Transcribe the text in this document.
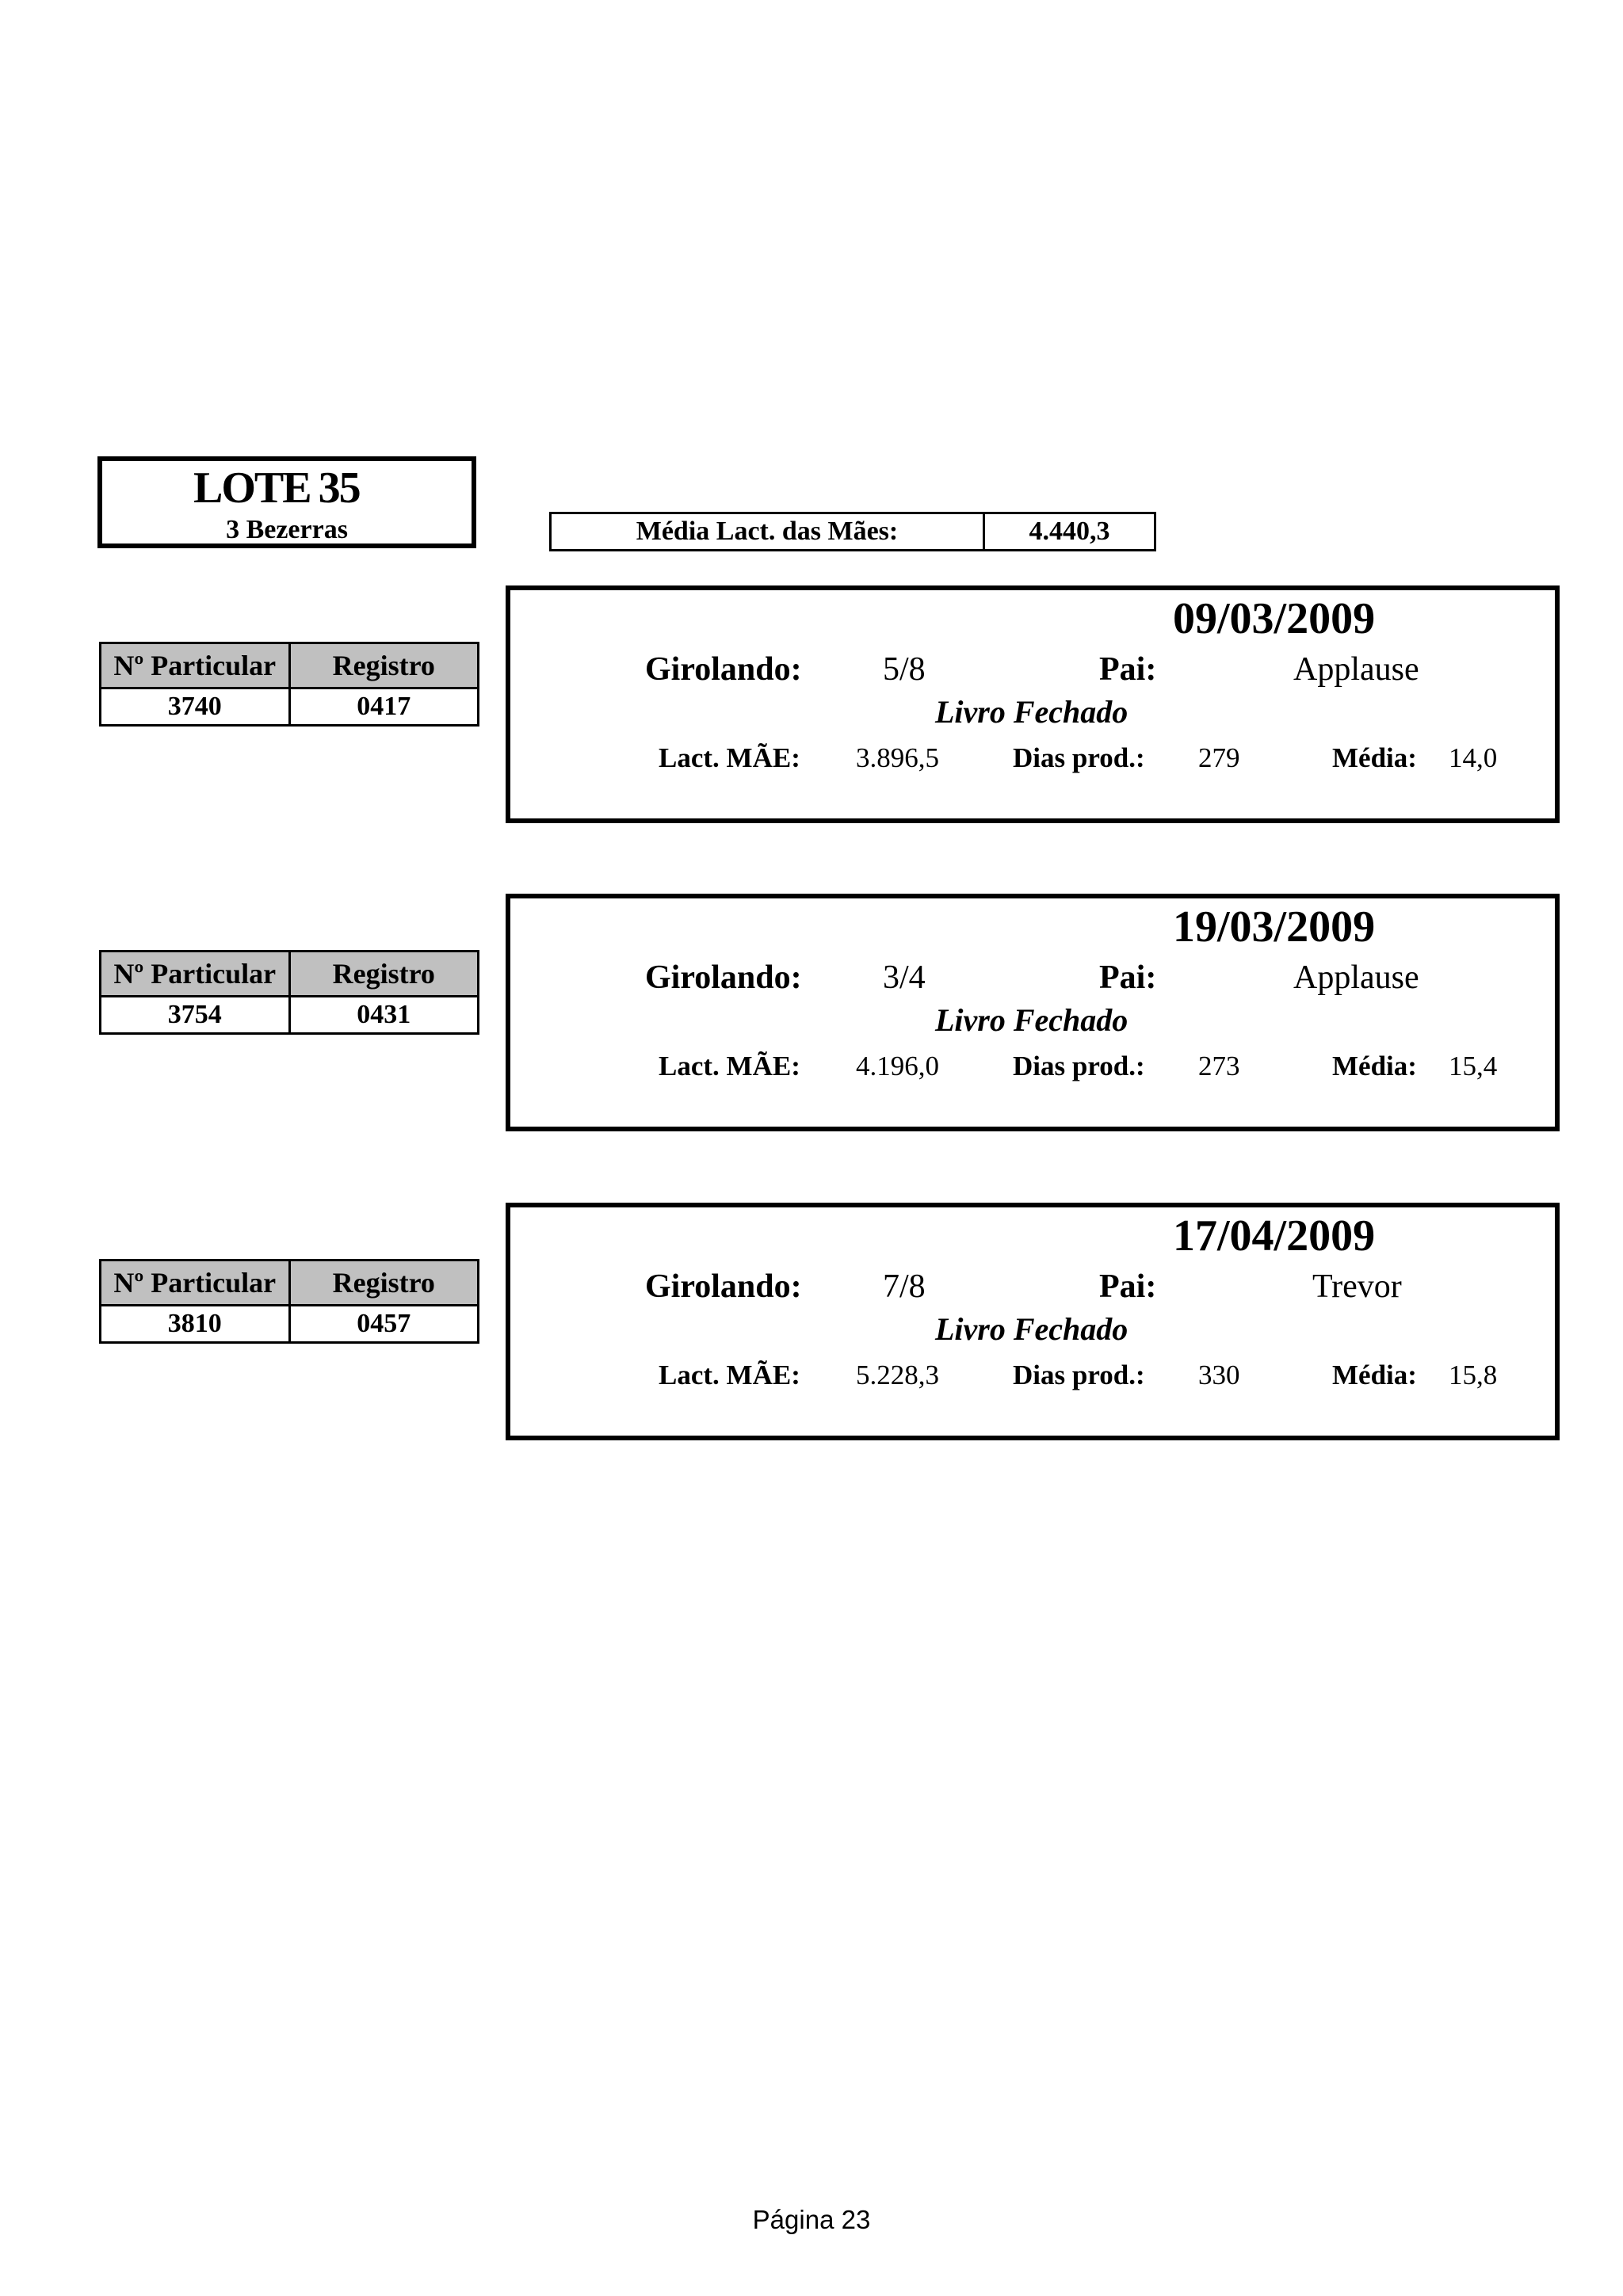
LOTE 35
3 Bezerras	Média Lact. das Mães:	4.440,3
Nº Particular	Registro
3740	0417
09/03/2009
Girolando: 5/8	Pai:	Applause
Livro Fechado
Lact. MÃE: 3.896,5	Dias prod.: 279	Média: 14,0
Nº Particular	Registro
3754	0431
19/03/2009
Girolando: 3/4	Pai:	Applause
Livro Fechado
Lact. MÃE: 4.196,0	Dias prod.: 273	Média: 15,4
Nº Particular	Registro
3810	0457
17/04/2009
Girolando: 7/8	Pai:	Trevor
Livro Fechado
Lact. MÃE: 5.228,3	Dias prod.: 330	Média: 15,8
Página 23
